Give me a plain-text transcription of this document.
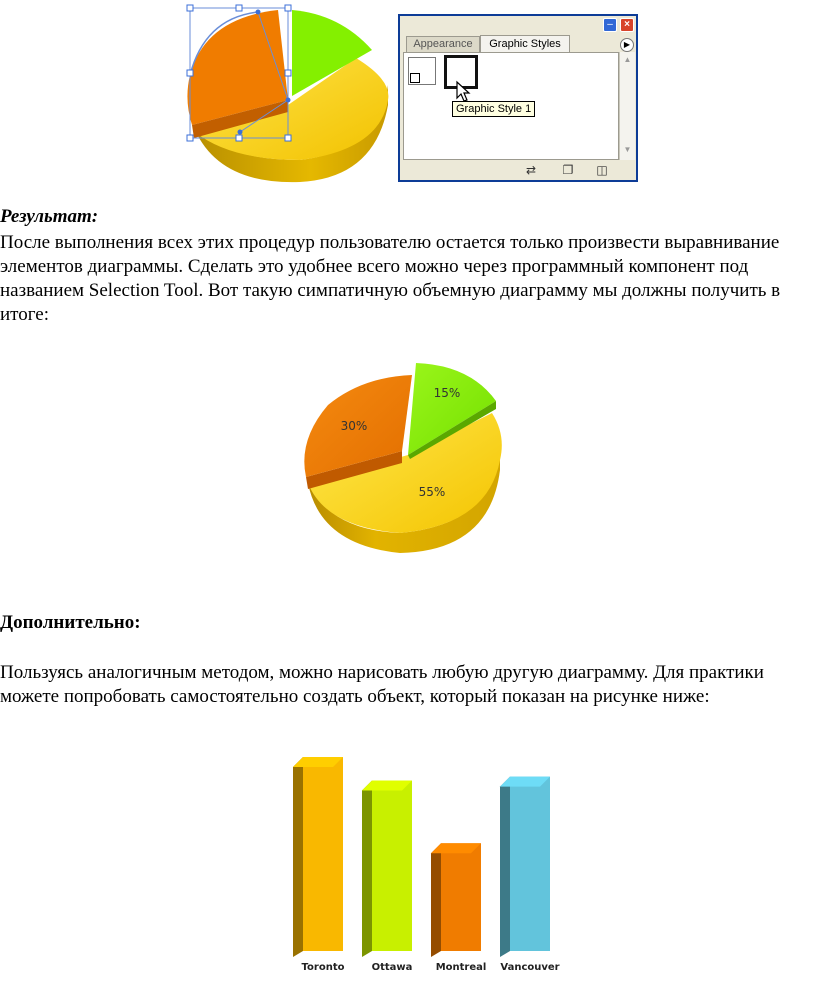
–	×
Appearance	Graphic Styles	▶
Graphic Style 1
▲
▼
⇄	❐ ◫

Результат:

После выполнения всех этих процедур пользователю остается только произвести выравнивание элементов диаграммы. Сделать это удобнее всего можно через программный компонент под названием Selection Tool. Вот такую симпатичную объемную диаграмму мы должны получить в итоге:

15%
30%
55%

Дополнительно:

Пользуясь аналогичным методом, можно нарисовать любую другую диаграмму. Для практики можете попробовать самостоятельно создать объект, который показан на рисунке ниже:

Toronto	Ottawa Montreal Vancouver
